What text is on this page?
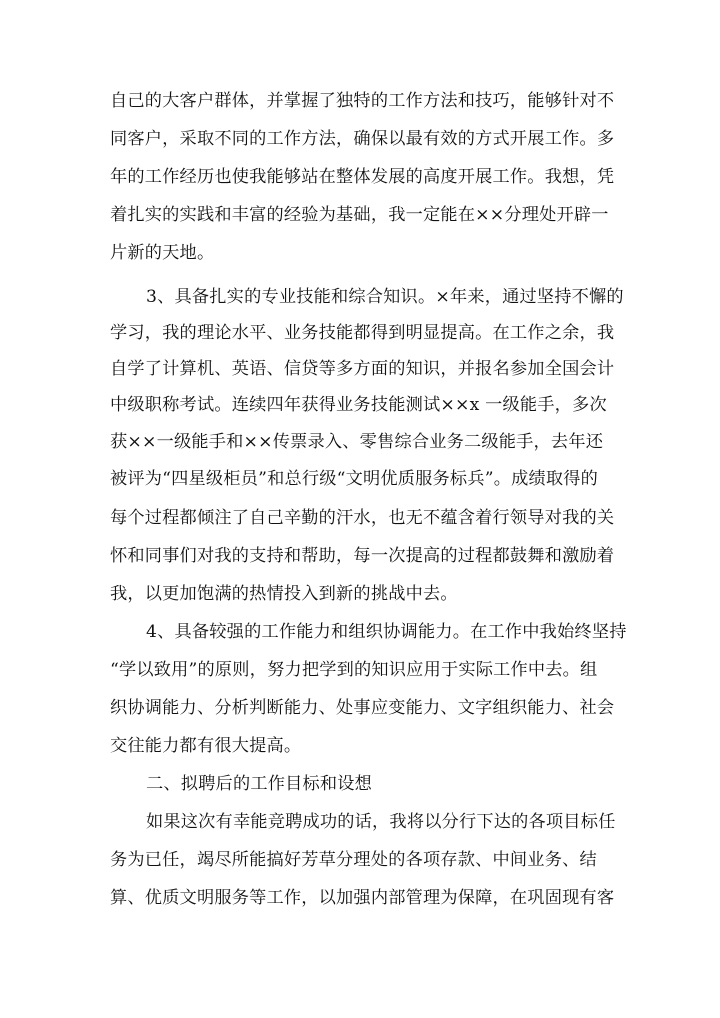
自己的大客户群体，并掌握了独特的工作方法和技巧，能够针对不
同客户，采取不同的工作方法，确保以最有效的方式开展工作。多
年的工作经历也使我能够站在整体发展的高度开展工作。我想，凭
着扎实的实践和丰富的经验为基础，我一定能在××分理处开辟一
片新的天地。
3、具备扎实的专业技能和综合知识。×年来，通过坚持不懈的
学习，我的理论水平、业务技能都得到明显提高。在工作之余，我
自学了计算机、英语、信贷等多方面的知识，并报名参加全国会计
中级职称考试。连续四年获得业务技能测试××x 一级能手，多次
获××一级能手和××传票录入、零售综合业务二级能手，去年还
被评为“四星级柜员”和总行级“文明优质服务标兵”。成绩取得的
每个过程都倾注了自己辛勤的汗水，也无不蕴含着行领导对我的关
怀和同事们对我的支持和帮助，每一次提高的过程都鼓舞和激励着
我，以更加饱满的热情投入到新的挑战中去。
4、具备较强的工作能力和组织协调能力。在工作中我始终坚持
“学以致用”的原则，努力把学到的知识应用于实际工作中去。组
织协调能力、分析判断能力、处事应变能力、文字组织能力、社会
交往能力都有很大提高。
二、拟聘后的工作目标和设想
如果这次有幸能竞聘成功的话，我将以分行下达的各项目标任
务为已任，竭尽所能搞好芳草分理处的各项存款、中间业务、结
算、优质文明服务等工作，以加强内部管理为保障，在巩固现有客
